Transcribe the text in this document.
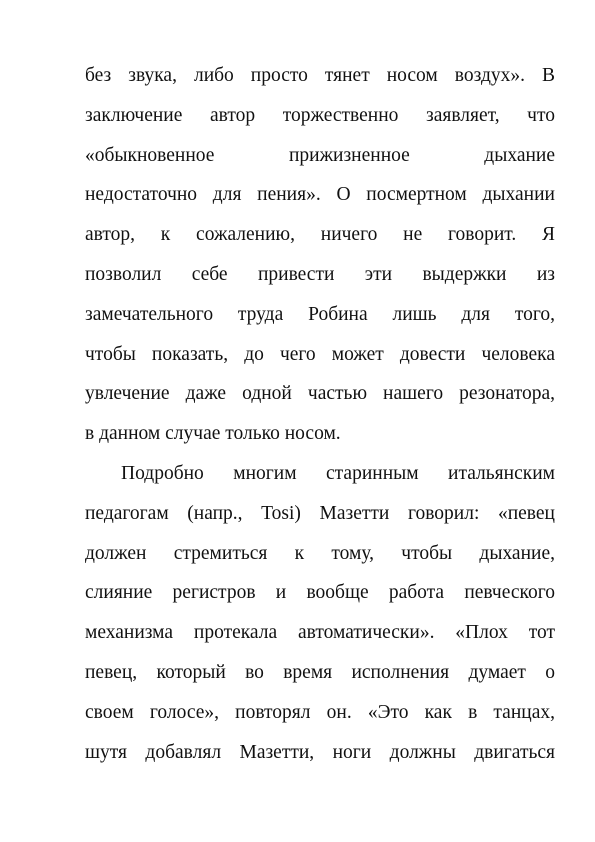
без звука, либо просто тянет носом воздух». В
заключение автор торжественно заявляет, что
«обыкновенное прижизненное дыхание
недостаточно для пения». О посмертном дыхании
автор, к сожалению, ничего не говорит. Я
позволил себе привести эти выдержки из
замечательного труда Робина лишь для того,
чтобы показать, до чего может довести человека
увлечение даже одной частью нашего резонатора,
в данном случае только носом.
Подробно многим старинным итальянским
педагогам (напр., Tosi) Мазетти говорил: «певец
должен стремиться к тому, чтобы дыхание,
слияние регистров и вообще работа певческого
механизма протекала автоматически». «Плох тот
певец, который во время исполнения думает о
своем голосе», повторял он. «Это как в танцах,
шутя добавлял Мазетти, ноги должны двигаться
